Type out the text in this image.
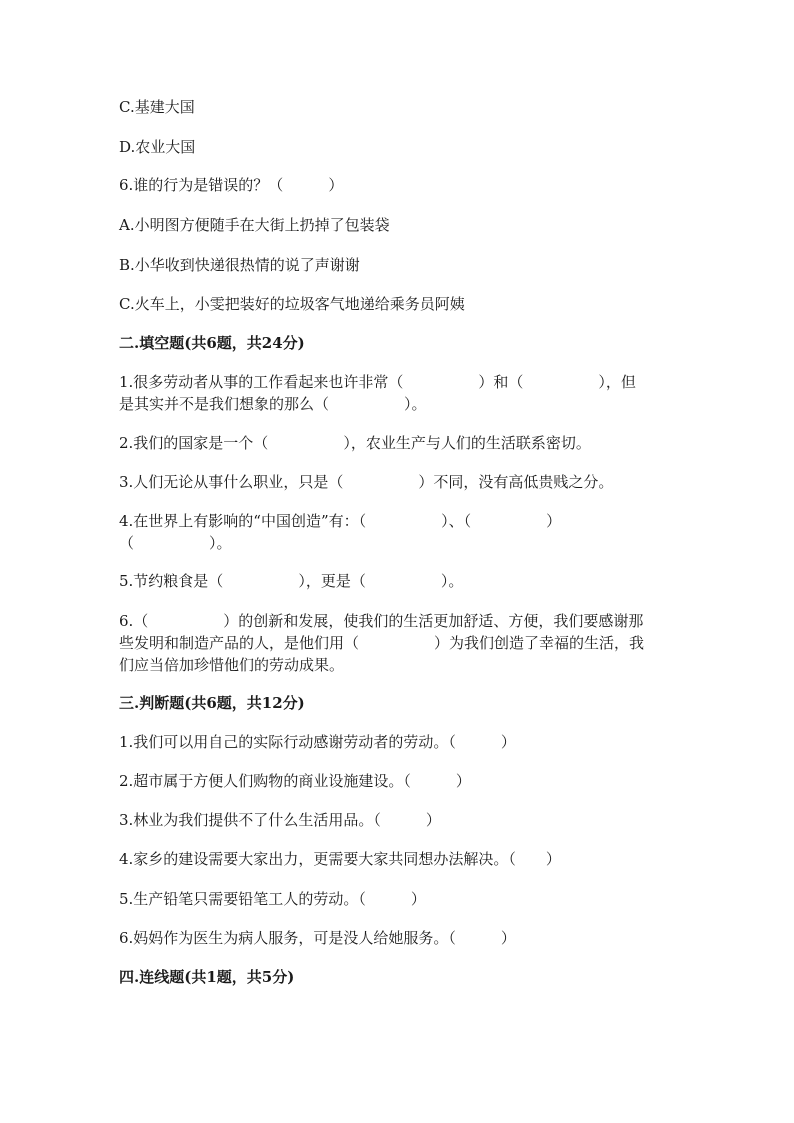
C.基建大国

D.农业大国

6.谁的行为是错误的？（　　　）

A.小明图方便随手在大街上扔掉了包装袋

B.小华收到快递很热情的说了声谢谢

C.火车上，小雯把装好的垃圾客气地递给乘务员阿姨

二.填空题(共6题，共24分)

1.很多劳动者从事的工作看起来也许非常（　　　　　）和（　　　　　），但

是其实并不是我们想象的那么（　　　　　）。

2.我们的国家是一个（　　　　　），农业生产与人们的生活联系密切。

3.人们无论从事什么职业，只是（　　　　　）不同，没有高低贵贱之分。

4.在世界上有影响的“中国创造”有：（　　　　　）、（　　　　　）

（　　　　　）。

5.节约粮食是（　　　　　），更是（　　　　　）。

6.（　　　　　）的创新和发展，使我们的生活更加舒适、方便，我们要感谢那

些发明和制造产品的人，是他们用（　　　　　）为我们创造了幸福的生活，我

们应当倍加珍惜他们的劳动成果。

三.判断题(共6题，共12分)

1.我们可以用自己的实际行动感谢劳动者的劳动。（　　　）

2.超市属于方便人们购物的商业设施建设。（　　　）

3.林业为我们提供不了什么生活用品。（　　　）

4.家乡的建设需要大家出力，更需要大家共同想办法解决。（　　）

5.生产铅笔只需要铅笔工人的劳动。（　　　）

6.妈妈作为医生为病人服务，可是没人给她服务。（　　　）

四.连线题(共1题，共5分)
